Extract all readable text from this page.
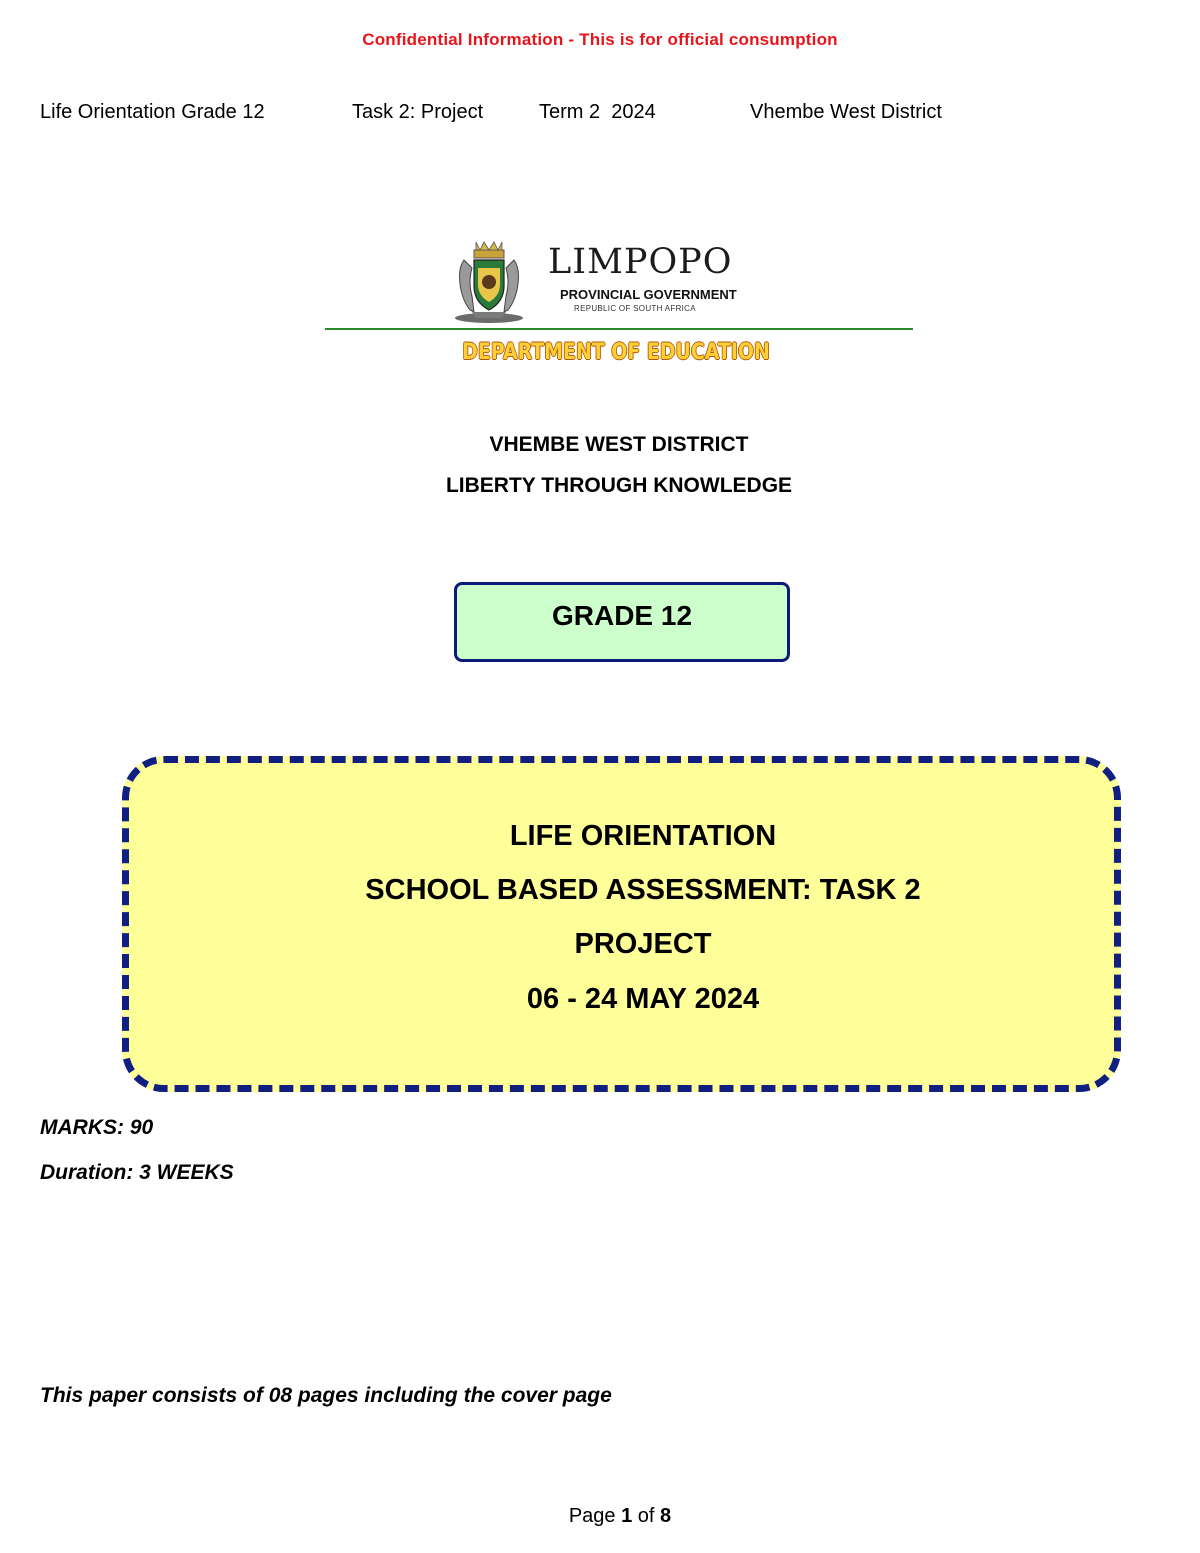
Confidential Information - This is for official consumption
Life Orientation Grade 12	Task 2: Project	Term 2  2024	Vhembe West District
LIMPOPO
PROVINCIAL GOVERNMENT
REPUBLIC OF SOUTH AFRICA
DEPARTMENT OF EDUCATION
VHEMBE WEST DISTRICT
LIBERTY THROUGH KNOWLEDGE
GRADE 12
LIFE ORIENTATION
SCHOOL BASED ASSESSMENT: TASK 2
PROJECT
06 - 24 MAY 2024
MARKS: 90
Duration: 3 WEEKS
This paper consists of 08 pages including the cover page
Page 1 of 8
